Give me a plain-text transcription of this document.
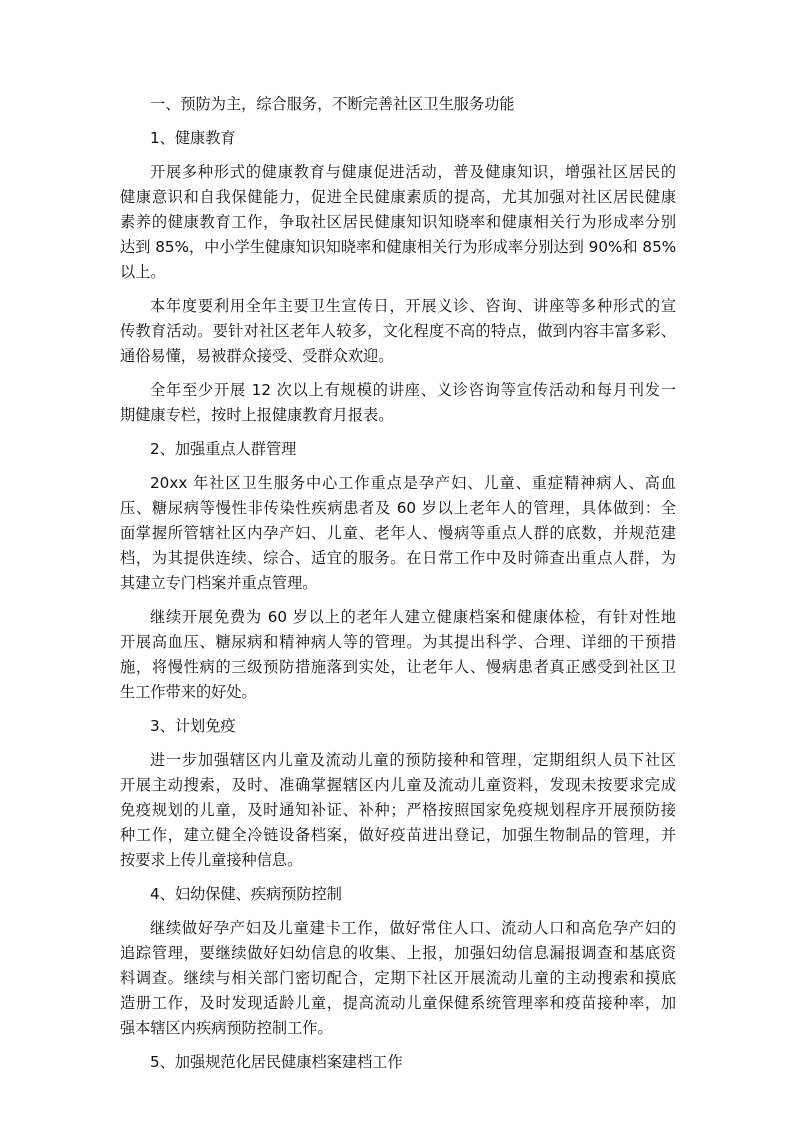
一、预防为主，综合服务，不断完善社区卫生服务功能
1、健康教育
开展多种形式的健康教育与健康促进活动，普及健康知识，增强社区居民的
健康意识和自我保健能力，促进全民健康素质的提高，尤其加强对社区居民健康
素养的健康教育工作，争取社区居民健康知识知晓率和健康相关行为形成率分别
达到 85%，中小学生健康知识知晓率和健康相关行为形成率分别达到 90%和 85%
以上。
本年度要利用全年主要卫生宣传日，开展义诊、咨询、讲座等多种形式的宣
传教育活动。要针对社区老年人较多，文化程度不高的特点，做到内容丰富多彩、
通俗易懂，易被群众接受、受群众欢迎。
全年至少开展 12 次以上有规模的讲座、义诊咨询等宣传活动和每月刊发一
期健康专栏，按时上报健康教育月报表。
2、加强重点人群管理
20xx 年社区卫生服务中心工作重点是孕产妇、儿童、重症精神病人、高血
压、糖尿病等慢性非传染性疾病患者及 60 岁以上老年人的管理，具体做到：全
面掌握所管辖社区内孕产妇、儿童、老年人、慢病等重点人群的底数，并规范建
档，为其提供连续、综合、适宜的服务。在日常工作中及时筛查出重点人群，为
其建立专门档案并重点管理。
继续开展免费为 60 岁以上的老年人建立健康档案和健康体检，有针对性地
开展高血压、糖尿病和精神病人等的管理。为其提出科学、合理、详细的干预措
施，将慢性病的三级预防措施落到实处，让老年人、慢病患者真正感受到社区卫
生工作带来的好处。
3、计划免疫
进一步加强辖区内儿童及流动儿童的预防接种和管理，定期组织人员下社区
开展主动搜索，及时、准确掌握辖区内儿童及流动儿童资料，发现未按要求完成
免疫规划的儿童，及时通知补证、补种；严格按照国家免疫规划程序开展预防接
种工作，建立健全冷链设备档案，做好疫苗进出登记，加强生物制品的管理，并
按要求上传儿童接种信息。
4、妇幼保健、疾病预防控制
继续做好孕产妇及儿童建卡工作，做好常住人口、流动人口和高危孕产妇的
追踪管理，要继续做好妇幼信息的收集、上报，加强妇幼信息漏报调查和基底资
料调查。继续与相关部门密切配合，定期下社区开展流动儿童的主动搜索和摸底
造册工作，及时发现适龄儿童，提高流动儿童保健系统管理率和疫苗接种率，加
强本辖区内疾病预防控制工作。
5、加强规范化居民健康档案建档工作
